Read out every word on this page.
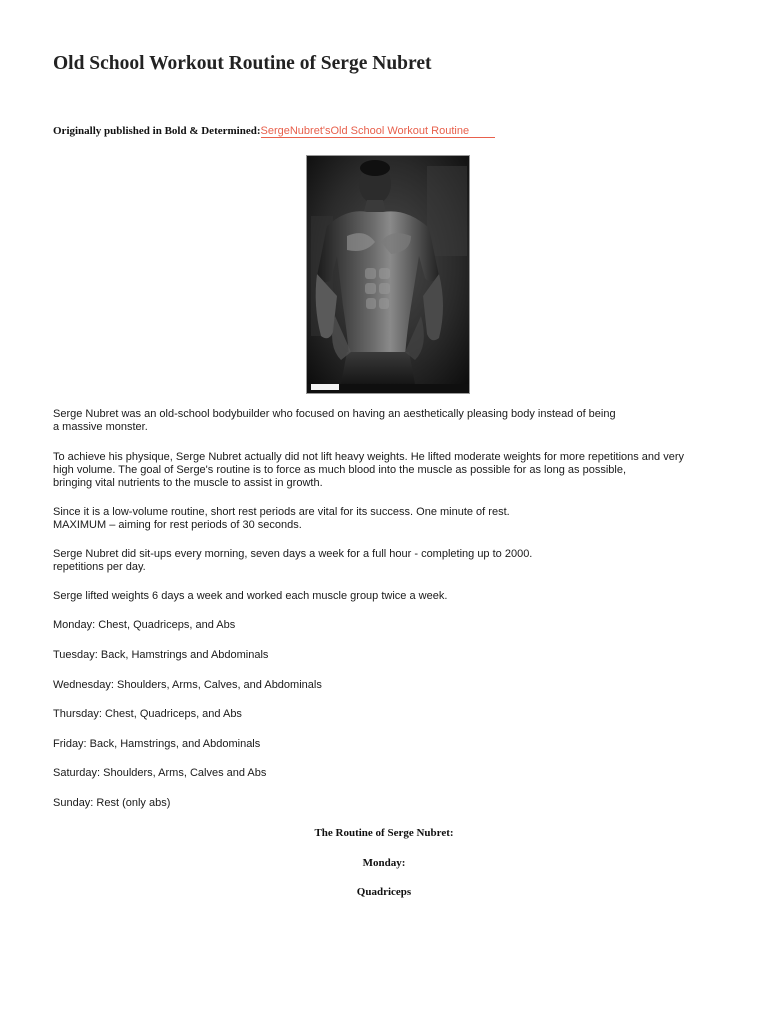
Old School Workout Routine of Serge Nubret
Originally published in Bold & Determined:SergeNubret'sOld School Workout Routine
Serge Nubret was an old-school bodybuilder who focused on having an aesthetically pleasing body instead of being
a massive monster.
To achieve his physique, Serge Nubret actually did not lift heavy weights. He lifted moderate weights for more repetitions and very
high volume. The goal of Serge's routine is to force as much blood into the muscle as possible for as long as possible,
bringing vital nutrients to the muscle to assist in growth.
Since it is a low-volume routine, short rest periods are vital for its success. One minute of rest.
MAXIMUM – aiming for rest periods of 30 seconds.
Serge Nubret did sit-ups every morning, seven days a week for a full hour - completing up to 2000.
repetitions per day.
Serge lifted weights 6 days a week and worked each muscle group twice a week.
Monday: Chest, Quadriceps, and Abs
Tuesday: Back, Hamstrings and Abdominals
Wednesday: Shoulders, Arms, Calves, and Abdominals
Thursday: Chest, Quadriceps, and Abs
Friday: Back, Hamstrings, and Abdominals
Saturday: Shoulders, Arms, Calves and Abs
Sunday: Rest (only abs)
The Routine of Serge Nubret:
Monday:
Quadriceps
